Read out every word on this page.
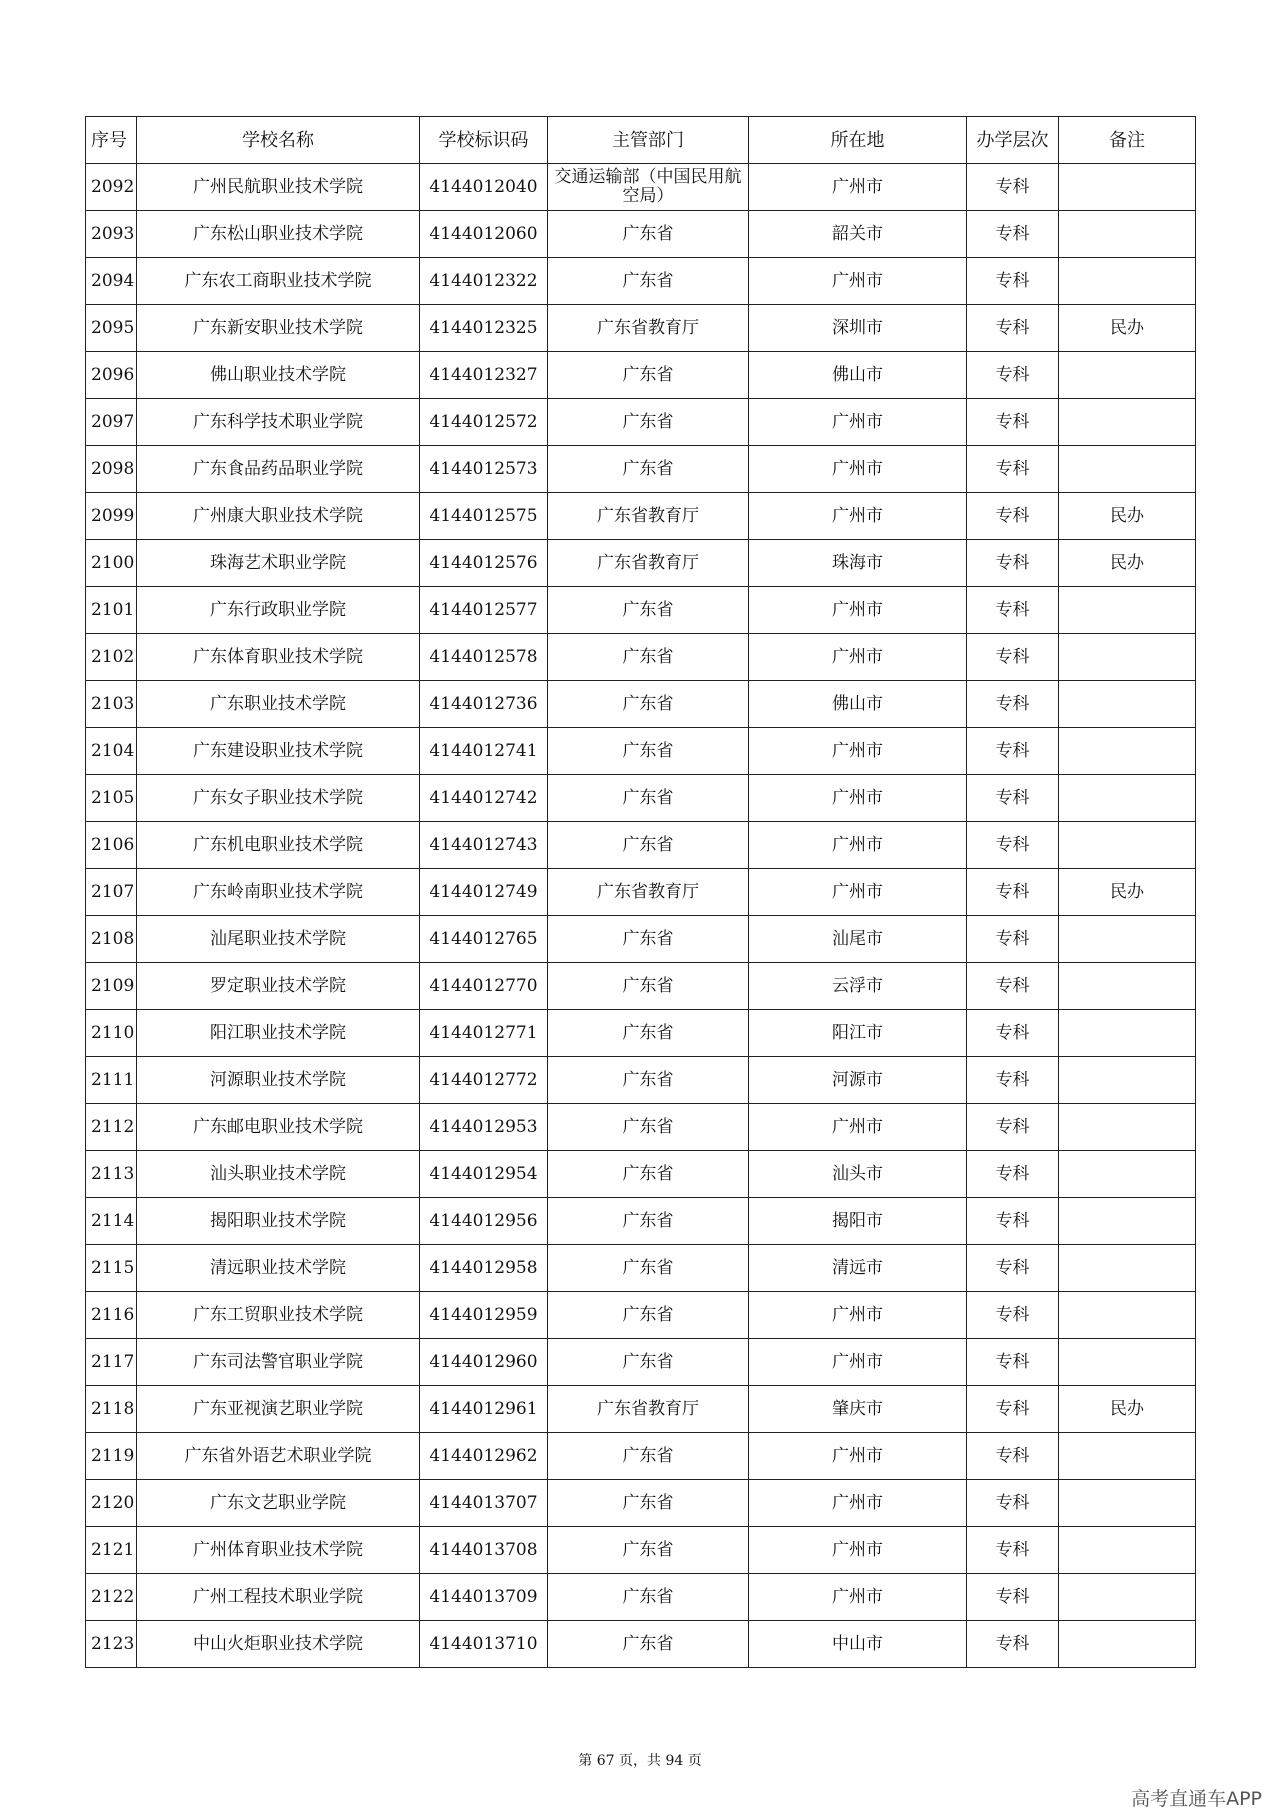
序号	学校名称	学校标识码	主管部门	所在地	办学层次	备注
2092	广州民航职业技术学院	4144012040	交通运输部（中国民用航空局）	广州市	专科	
2093	广东松山职业技术学院	4144012060	广东省	韶关市	专科	
2094	广东农工商职业技术学院	4144012322	广东省	广州市	专科	
2095	广东新安职业技术学院	4144012325	广东省教育厅	深圳市	专科	民办
2096	佛山职业技术学院	4144012327	广东省	佛山市	专科	
2097	广东科学技术职业学院	4144012572	广东省	广州市	专科	
2098	广东食品药品职业学院	4144012573	广东省	广州市	专科	
2099	广州康大职业技术学院	4144012575	广东省教育厅	广州市	专科	民办
2100	珠海艺术职业学院	4144012576	广东省教育厅	珠海市	专科	民办
2101	广东行政职业学院	4144012577	广东省	广州市	专科	
2102	广东体育职业技术学院	4144012578	广东省	广州市	专科	
2103	广东职业技术学院	4144012736	广东省	佛山市	专科	
2104	广东建设职业技术学院	4144012741	广东省	广州市	专科	
2105	广东女子职业技术学院	4144012742	广东省	广州市	专科	
2106	广东机电职业技术学院	4144012743	广东省	广州市	专科	
2107	广东岭南职业技术学院	4144012749	广东省教育厅	广州市	专科	民办
2108	汕尾职业技术学院	4144012765	广东省	汕尾市	专科	
2109	罗定职业技术学院	4144012770	广东省	云浮市	专科	
2110	阳江职业技术学院	4144012771	广东省	阳江市	专科	
2111	河源职业技术学院	4144012772	广东省	河源市	专科	
2112	广东邮电职业技术学院	4144012953	广东省	广州市	专科	
2113	汕头职业技术学院	4144012954	广东省	汕头市	专科	
2114	揭阳职业技术学院	4144012956	广东省	揭阳市	专科	
2115	清远职业技术学院	4144012958	广东省	清远市	专科	
2116	广东工贸职业技术学院	4144012959	广东省	广州市	专科	
2117	广东司法警官职业学院	4144012960	广东省	广州市	专科	
2118	广东亚视演艺职业学院	4144012961	广东省教育厅	肇庆市	专科	民办
2119	广东省外语艺术职业学院	4144012962	广东省	广州市	专科	
2120	广东文艺职业学院	4144013707	广东省	广州市	专科	
2121	广州体育职业技术学院	4144013708	广东省	广州市	专科	
2122	广州工程技术职业学院	4144013709	广东省	广州市	专科	
2123	中山火炬职业技术学院	4144013710	广东省	中山市	专科	
第 67 页，共 94 页
高考直通车APP
